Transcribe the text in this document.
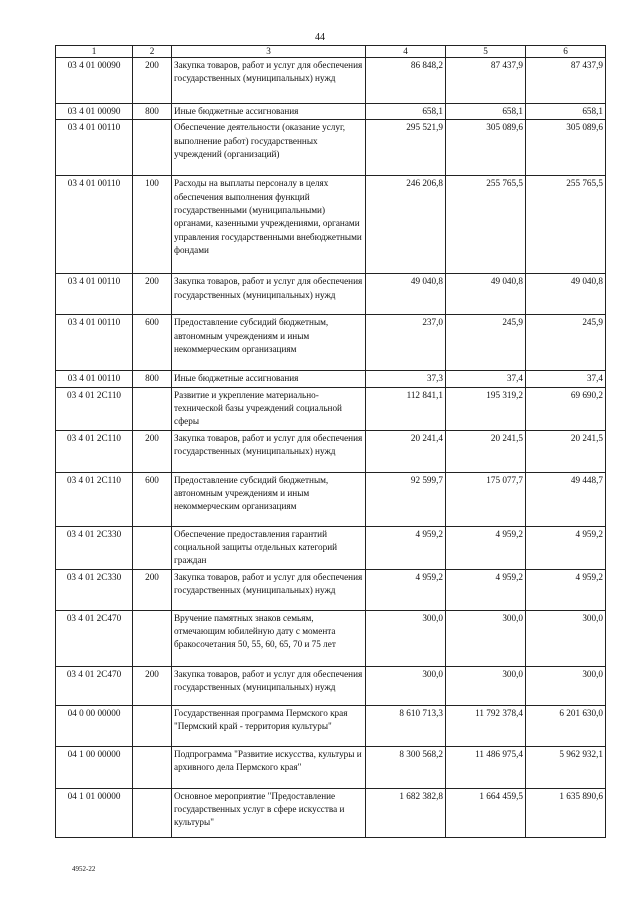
44
1	2	3	4	5	6
03 4 01 00090	200	Закупка товаров, работ и услуг для обеспечения государственных (муниципальных) нужд	86 848,2	87 437,9	87 437,9
03 4 01 00090	800	Иные бюджетные ассигнования	658,1	658,1	658,1
03 4 01 00110		Обеспечение деятельности (оказание услуг, выполнение работ) государственных учреждений (организаций)	295 521,9	305 089,6	305 089,6
03 4 01 00110	100	Расходы на выплаты персоналу в целях обеспечения выполнения функций государственными (муниципальными) органами, казенными учреждениями, органами управления государственными внебюджетными фондами	246 206,8	255 765,5	255 765,5
03 4 01 00110	200	Закупка товаров, работ и услуг для обеспечения государственных (муниципальных) нужд	49 040,8	49 040,8	49 040,8
03 4 01 00110	600	Предоставление субсидий бюджетным, автономным учреждениям и иным некоммерческим организациям	237,0	245,9	245,9
03 4 01 00110	800	Иные бюджетные ассигнования	37,3	37,4	37,4
03 4 01 2С110		Развитие и укрепление материально-технической базы учреждений социальной сферы	112 841,1	195 319,2	69 690,2
03 4 01 2С110	200	Закупка товаров, работ и услуг для обеспечения государственных (муниципальных) нужд	20 241,4	20 241,5	20 241,5
03 4 01 2С110	600	Предоставление субсидий бюджетным, автономным учреждениям и иным некоммерческим организациям	92 599,7	175 077,7	49 448,7
03 4 01 2С330		Обеспечение предоставления гарантий социальной защиты отдельных категорий граждан	4 959,2	4 959,2	4 959,2
03 4 01 2С330	200	Закупка товаров, работ и услуг для обеспечения государственных (муниципальных) нужд	4 959,2	4 959,2	4 959,2
03 4 01 2С470		Вручение памятных знаков семьям, отмечающим юбилейную дату с момента бракосочетания 50, 55, 60, 65, 70 и 75 лет	300,0	300,0	300,0
03 4 01 2С470	200	Закупка товаров, работ и услуг для обеспечения государственных (муниципальных) нужд	300,0	300,0	300,0
04 0 00 00000		Государственная программа Пермского края "Пермский край - территория культуры"	8 610 713,3	11 792 378,4	6 201 630,0
04 1 00 00000		Подпрограмма "Развитие искусства, культуры и архивного дела Пермского края"	8 300 568,2	11 486 975,4	5 962 932,1
04 1 01 00000		Основное мероприятие "Предоставление государственных услуг в сфере искусства и культуры"	1 682 382,8	1 664 459,5	1 635 890,6
4952-22
